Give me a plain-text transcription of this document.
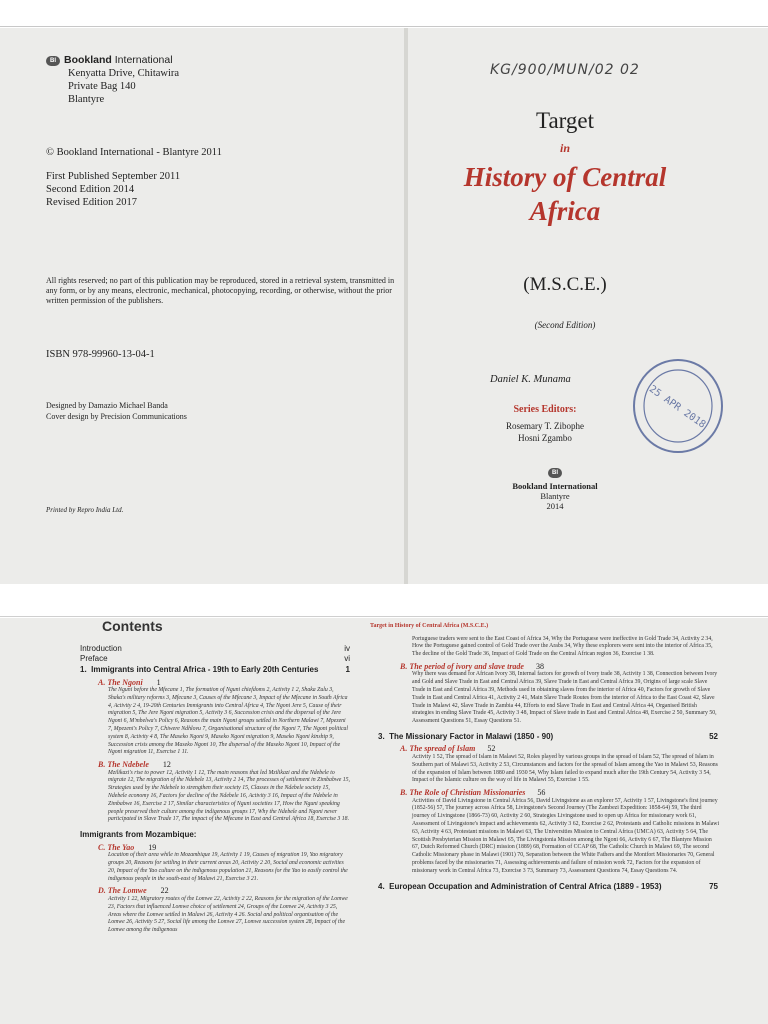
BI Bookland International
Kenyatta Drive, Chitawira
Private Bag 140
Blantyre
© Bookland International - Blantyre 2011
First Published September 2011
Second Edition 2014
Revised Edition 2017
All rights reserved; no part of this publication may be reproduced, stored in a retrieval system, transmitted in any form, or by any means, electronic, mechanical, photocopying, recording, or otherwise, without the prior written permission of the publishers.
ISBN 978-99960-13-04-1
Designed by Damazio Michael Banda
Cover design by Precision Communications
Printed by Repro India Ltd.
KG/900/MUN/02 02
Target
in
History of Central
Africa
(M.S.C.E.)
(Second Edition)
Daniel K. Munama
Series Editors:
Rosemary T. Zibophe
Hosni Zgambo
BI
Bookland International
Blantyre
2014
25 APR 2018
Contents
Introduction	iv
Preface	vi
1. Immigrants into Central Africa - 19th to Early 20th Centuries	1
A. The Ngoni 1
The Nguni before the Mfecane 1, The formation of Nguni chiefdoms 2, Activity 1 2, Shaka Zulu 3, Shaka's military reforms 3, Mfecane 3, Causes of the Mfecane 3, Impact of the Mfecane in South Africa 4, Activity 2 4, 19-20th Centuries Immigrants into Central Africa 4, The Ngoni Jere 5, Cause of their migration 5, The Jere Ngoni migration 5, Activity 3 6, Succession crisis and the dispersal of the Jere Ngoni 6, M'mbelwa's Policy 6, Reasons the main Ngoni groups settled in Northern Malawi 7, Mpezeni 7, Mpezeni's Policy 7, Chiwere Ndhlovu 7, Organisational structure of the Ngoni 7, The Ngoni political system 8, Activity 4 8, The Maseko Ngoni 9, Maseko Ngoni migration 9, Maseko Ngoni kinship 9, Succession crisis among the Maseko Ngoni 10, The dispersal of the Maseko Ngoni 10, Impact of the Ngoni migration 11, Exercise 1 11.
B. The Ndebele 12
Mzilikazi's rise to power 12, Activity 1 12, The main reasons that led Mzilikazi and the Ndebele to migrate 12, The migration of the Ndebele 13, Activity 2 14, The processes of settlement in Zimbabwe 15, Strategies used by the Ndebele to strengthen their society 15, Classes in the Ndebele society 15, Ndebele economy 16, Factors for decline of the Ndebele 16, Activity 3 16, Impact of the Ndebele in Zimbabwe 16, Exercise 2 17, Similar characteristics of Nguni societies 17, How the Nguni speaking people preserved their culture among the indigenous groups 17, Why the Ndebele and Ngoni never participated in Slave Trade 17, The impact of the Mfecane in East and Central Africa 18, Exercise 3 18.
Immigrants from Mozambique:
C. The Yao 19
Location of their area while in Mozambique 19, Activity 1 19, Causes of migration 19, Yao migratory groups 20, Reasons for settling in their current areas 20, Activity 2 20, Social and economic activities 20, Impact of the Yao culture on the indigenous population 21, Reasons for the Yao to easily control the indigenous people in the south-east of Malawi 21, Exercise 3 21.
D. The Lomwe 22
Activity 1 22, Migratory routes of the Lomwe 22, Activity 2 22, Reasons for the migration of the Lomwe 23, Factors that influenced Lomwe choice of settlement 24, Groups of the Lomwe 24, Activity 3 25, Areas where the Lomwe settled in Malawi 26, Activity 4 26. Social and political organisation of the Lomwe 26, Activity 5 27, Social life among the Lomwe 27, Lomwe succession system 28, Impact of the Lomwe among the indigenous
Target in History of Central Africa (M.S.C.E.)
Portuguese traders were sent to the East Coast of Africa 34, Why the Portuguese were ineffective in Gold Trade 34, Activity 2 34, How the Portuguese gained control of Gold Trade over the Arabs 34, Why these explorers were sent into the interior of Africa 35, The decline of the Gold Trade 36, Impact of Gold Trade on the Central African region 36, Exercise 1 38.
B. The period of ivory and slave trade 38
Why there was demand for African Ivory 38, Internal factors for growth of Ivory trade 38, Activity 1 38, Connection between Ivory and Gold and Slave Trade in East and Central Africa 39, Slave Trade in East and Central Africa 39, Origins of large scale Slave Trade in East and Central Africa 39, Methods used in obtaining slaves from the interior of Africa 40, Factors for growth of Slave Trade in East and Central Africa 41, Activity 2 41, Main Slave Trade Routes from the interior of Africa to the East Coast 42, Slave Trade in Malawi 42, Slave Trade in Zambia 44, Efforts to end Slave Trade in East and Central Africa 44, Organised British strategies in ending Slave Trade 45, Activity 3 48, Impact of Slave trade in East and Central Africa 48, Exercise 2 50, Summary 50, Assessment Questions 51, Essay Questions 51.
3. The Missionary Factor in Malawi (1850 - 90)	52
A. The spread of Islam 52
Activity 1 52, The spread of Islam in Malawi 52, Roles played by various groups in the spread of Islam 52, The spread of Islam in Southern part of Malawi 53, Activity 2 53, Circumstances and factors for the spread of Islam among the Yao in Malawi 53, Reasons of the expansion of Islam between 1880 and 1930 54, Why Islam failed to expand much after the 19th Century 54, Activity 3 54, Impact of the Islamic culture on the way of life in Malawi 55, Exercise 1 55.
B. The Role of Christian Missionaries 56
Activities of David Livingstone in Central Africa 56, David Livingstone as an explorer 57, Activity 1 57, Livingstone's first journey (1852-56) 57, The journey across Africa 58, Livingstone's Second Journey (The Zambezi Expedition: 1858-64) 59, The third journey of Livingstone (1866-73) 60, Activity 2 60, Strategies Livingstone used to open up Africa for missionary work 61, Assessment of Livingstone's impact and achievements 62, Activity 3 62, Exercise 2 62, Protestants and Catholic missions in Malawi 63, Activity 4 63, Protestant missions in Malawi 63, The Universities Mission to Central Africa (UMCA) 63, Activity 5 64, The Scottish Presbyterian Mission in Malawi 65, The Livingstonia Mission among the Ngoni 66, Activity 6 67, The Blantyre Mission 67, Dutch Reformed Church (DRC) mission (1889) 68, Formation of CCAP 68, The Catholic Church in Malawi 69, The second Catholic Missionary phase in Malawi (1901) 70, Separation between the White Fathers and the Montfort Missionaries 70, General problems faced by the missionaries 71, Assessing achievements and failure of mission work 72, Factors for the expansion of missionary work in Central Africa 73, Exercise 3 73, Summary 73, Assessment Questions 74, Essay Questions 74.
4. European Occupation and Administration of Central Africa (1889 - 1953)	75
